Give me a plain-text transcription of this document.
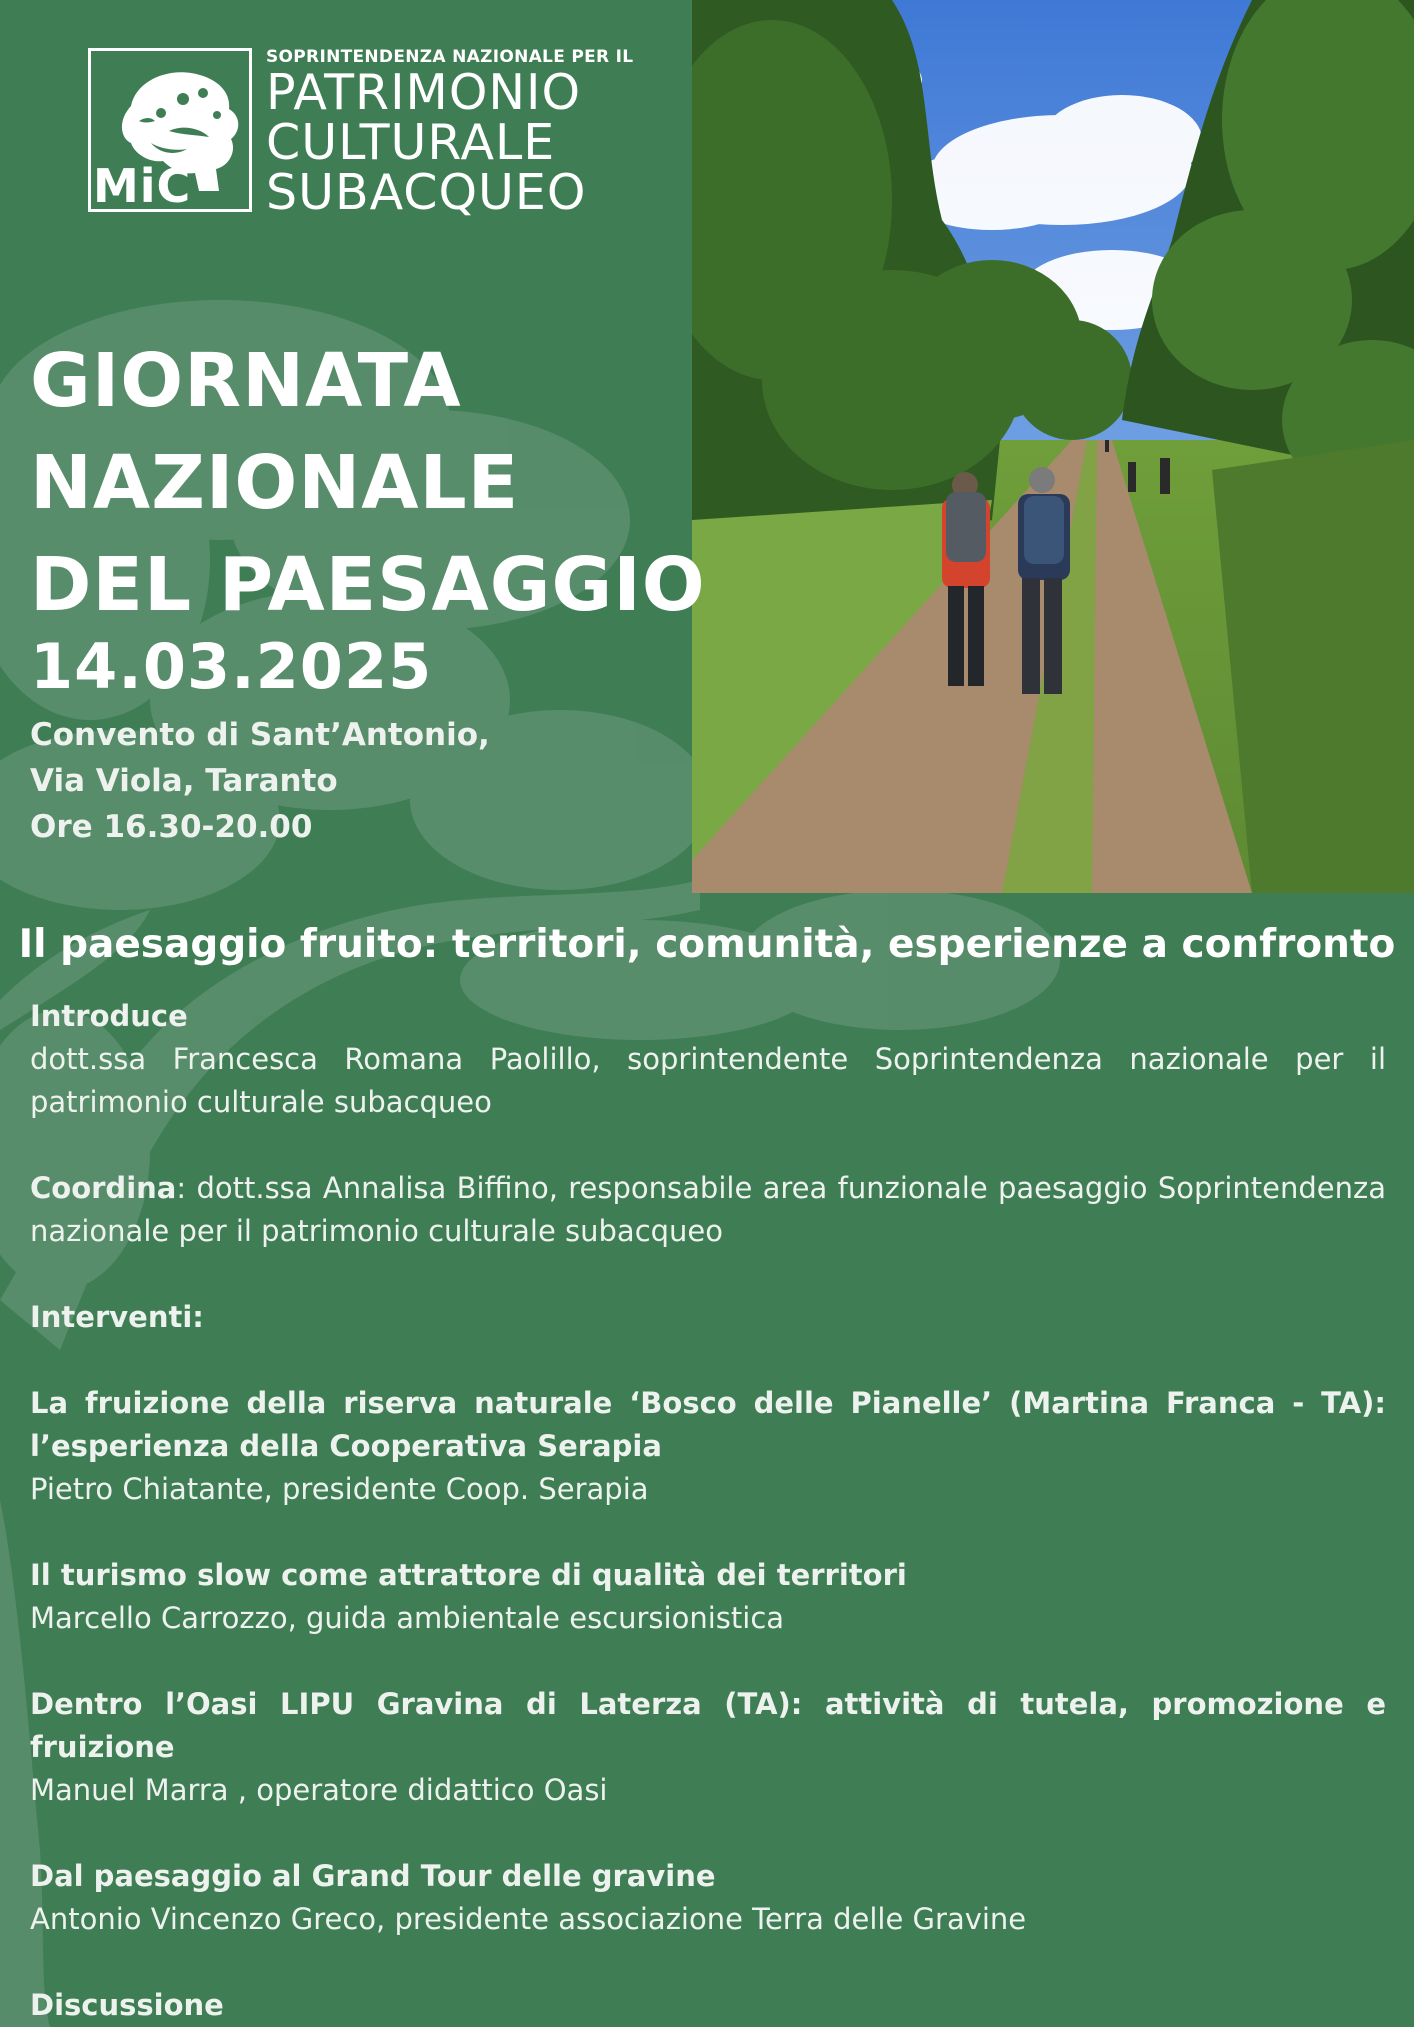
MiC
SOPRINTENDENZA NAZIONALE PER IL
PATRIMONIO
CULTURALE
SUBACQUEO
GIORNATA
NAZIONALE
DEL PAESAGGIO
14.03.2025
Convento di Sant’Antonio,
Via Viola, Taranto
Ore 16.30-20.00
Il paesaggio fruito: territori, comunità, esperienze a confronto

Introduce

dott.ssa Francesca Romana Paolillo, soprintendente Soprintendenza nazionale per il patrimonio culturale subacqueo

Coordina: dott.ssa Annalisa Biffino, responsabile area funzionale paesaggio Soprintendenza nazionale per il patrimonio culturale subacqueo

Interventi:

La fruizione della riserva naturale ‘Bosco delle Pianelle’ (Martina Franca - TA): l’esperienza della Cooperativa Serapia

Pietro Chiatante, presidente Coop. Serapia

Il turismo slow come attrattore di qualità dei territori

Marcello Carrozzo, guida ambientale escursionistica

Dentro l’Oasi LIPU Gravina di Laterza (TA): attività di tutela, promozione e fruizione

Manuel Marra , operatore didattico Oasi

Dal paesaggio al Grand Tour delle gravine

Antonio Vincenzo Greco, presidente associazione Terra delle Gravine

Discussione
